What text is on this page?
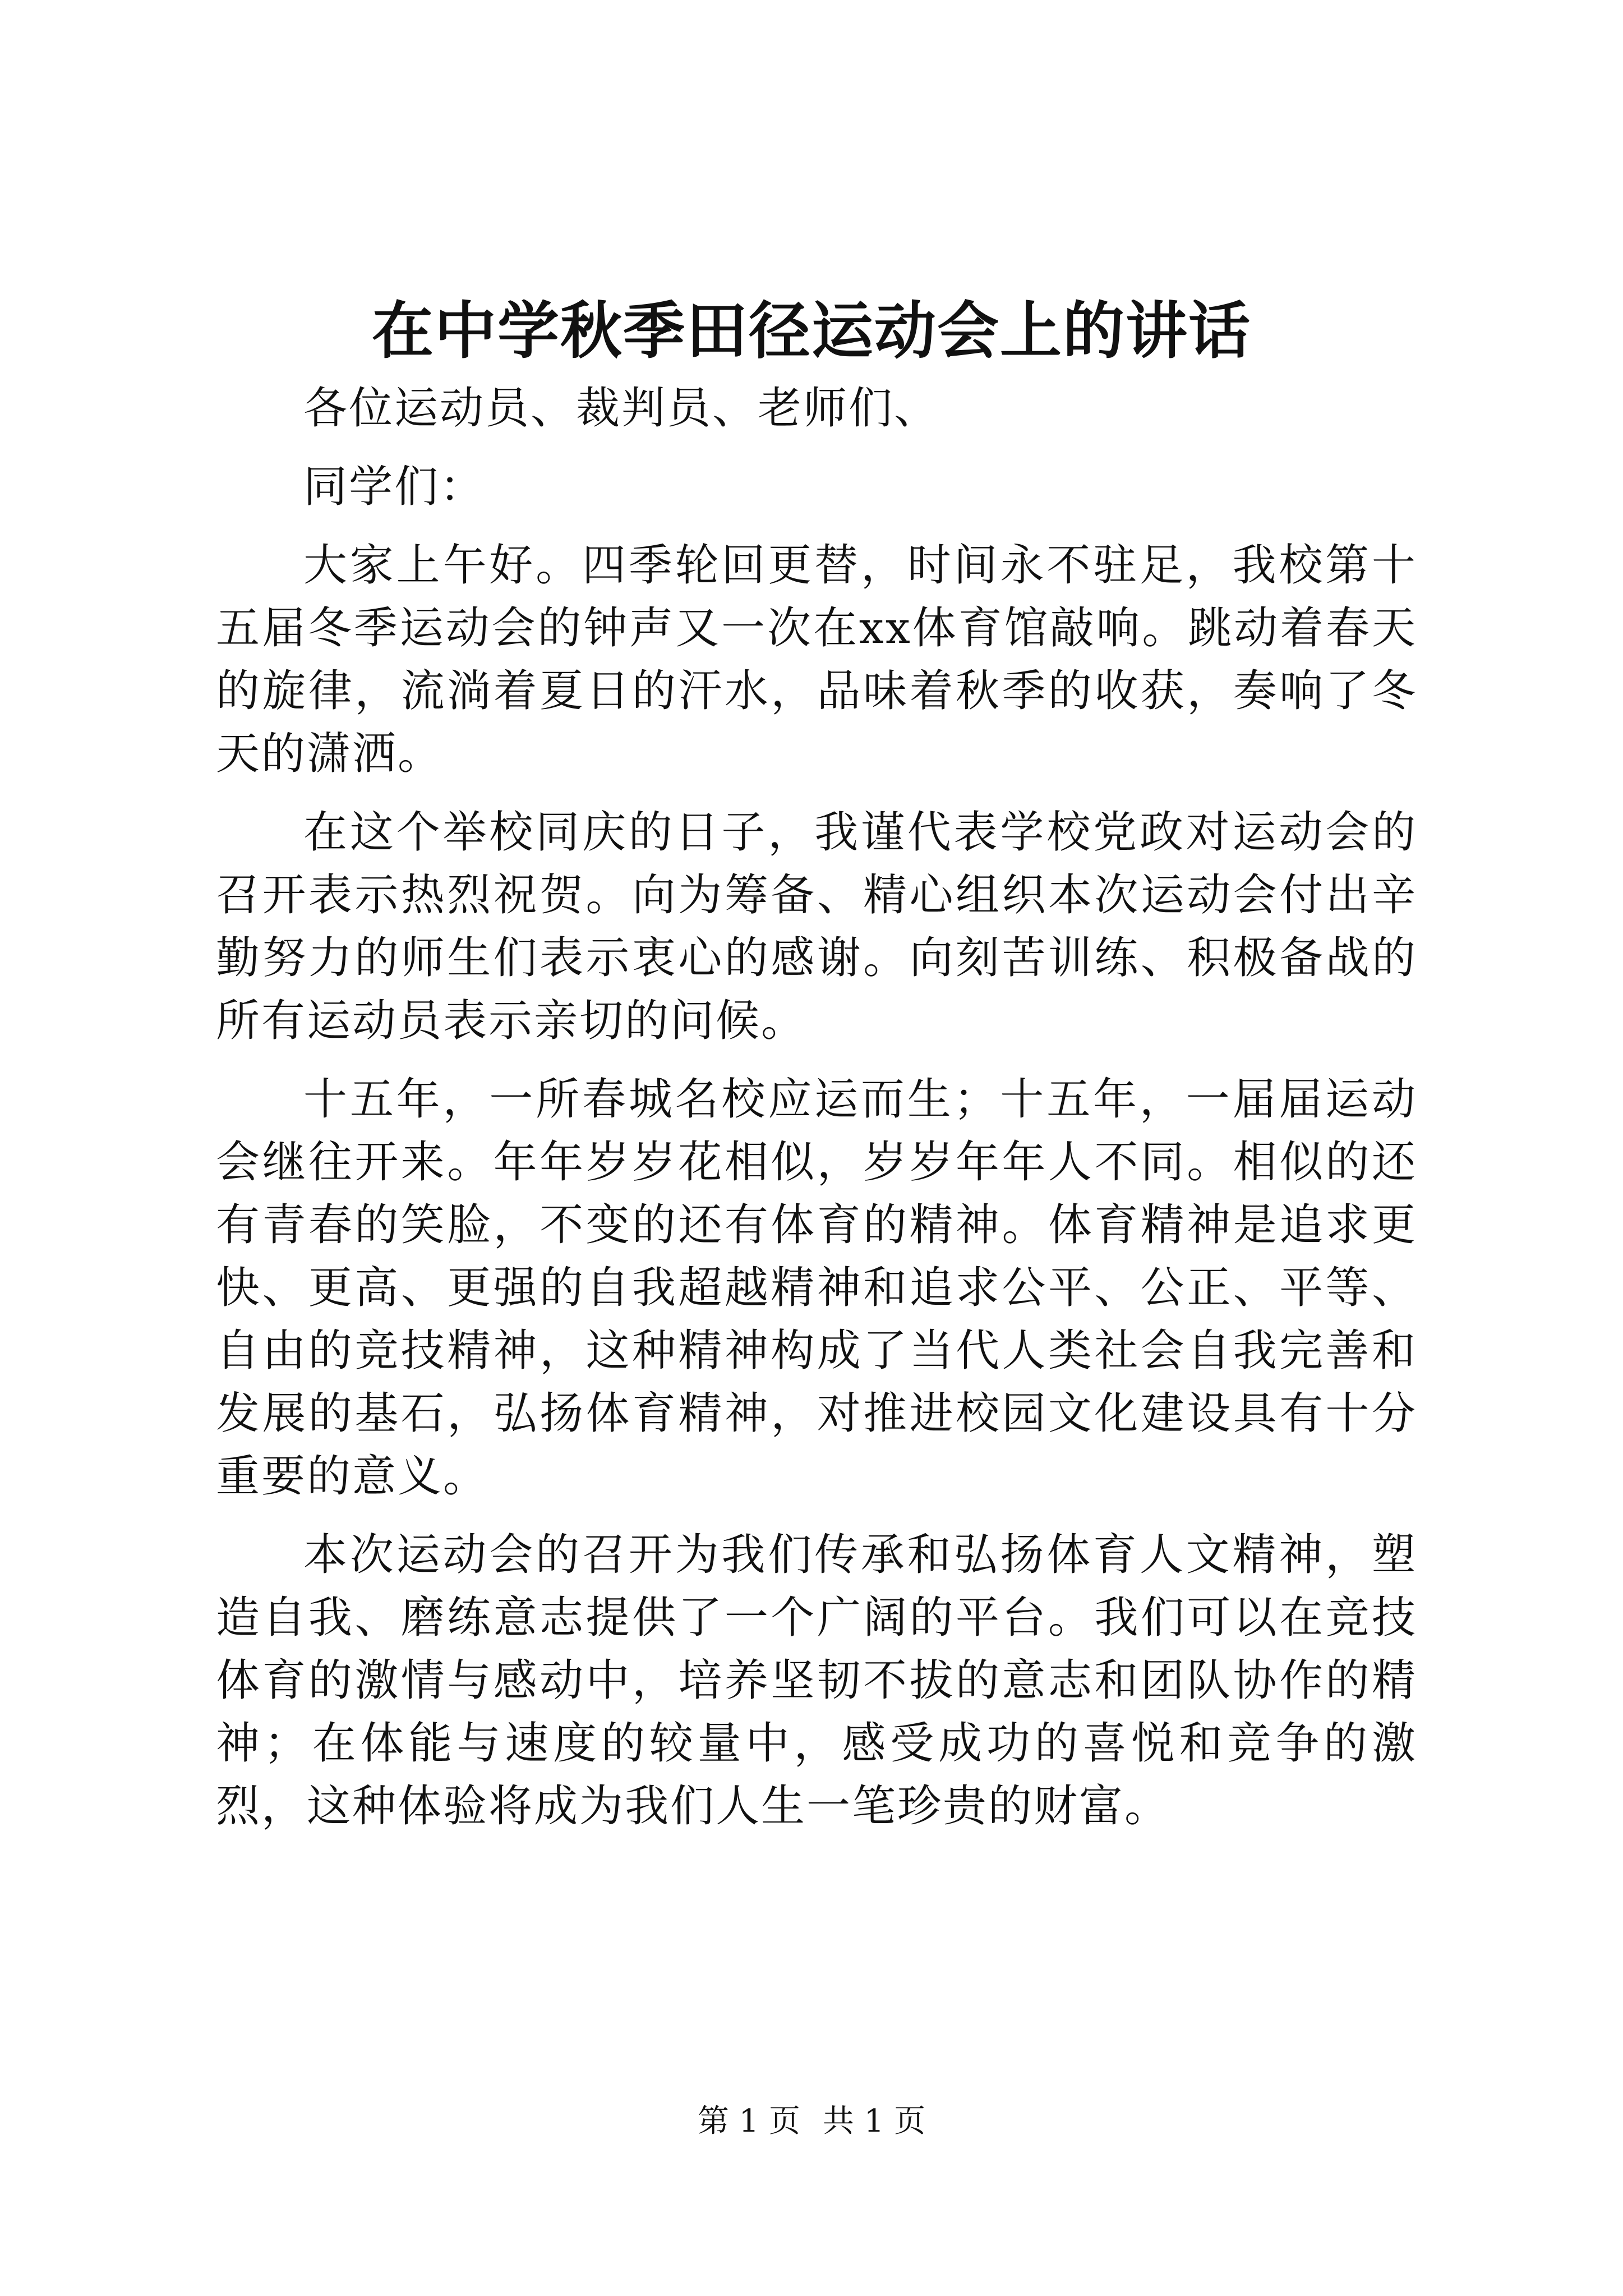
在中学秋季田径运动会上的讲话

各位运动员、裁判员、老师们、

同学们：

大家上午好。四季轮回更替，时间永不驻足，我校第十五届冬季运动会的钟声又一次在xx体育馆敲响。跳动着春天的旋律，流淌着夏日的汗水，品味着秋季的收获，奏响了冬天的潇洒。

在这个举校同庆的日子，我谨代表学校党政对运动会的召开表示热烈祝贺。向为筹备、精心组织本次运动会付出辛勤努力的师生们表示衷心的感谢。向刻苦训练、积极备战的所有运动员表示亲切的问候。

十五年，一所春城名校应运而生；十五年，一届届运动会继往开来。年年岁岁花相似，岁岁年年人不同。相似的还有青春的笑脸，不变的还有体育的精神。体育精神是追求更快、更高、更强的自我超越精神和追求公平、公正、平等、自由的竞技精神，这种精神构成了当代人类社会自我完善和发展的基石，弘扬体育精神，对推进校园文化建设具有十分重要的意义。

本次运动会的召开为我们传承和弘扬体育人文精神，塑造自我、磨练意志提供了一个广阔的平台。我们可以在竞技体育的激情与感动中，培养坚韧不拔的意志和团队协作的精神；在体能与速度的较量中，感受成功的喜悦和竞争的激烈，这种体验将成为我们人生一笔珍贵的财富。

第 1 页 共 1 页
